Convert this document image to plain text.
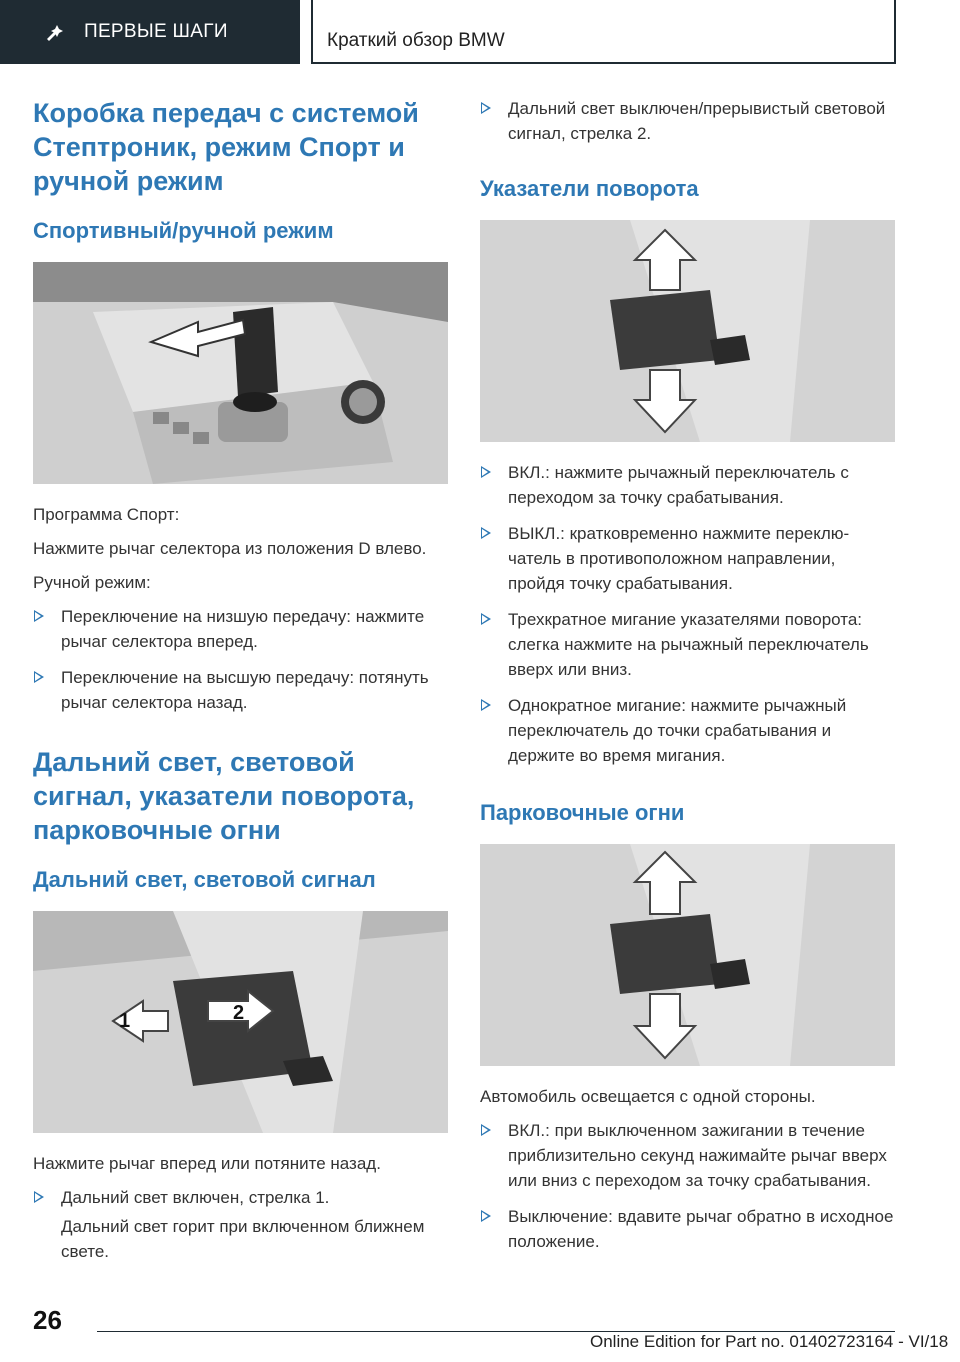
ПЕРВЫЕ ШАГИ	Краткий обзор BMW
Коробка передач с системой Стептроник, режим Спорт и ручной режим
Спортивный/ручной режим

Программа Спорт:

Нажмите рычаг селектора из положения D влево.

Ручной режим:

Переключение на низшую передачу: нажмите рычаг селектора вперед.
Переключение на высшую передачу: потянуть рычаг селектора назад.
Дальний свет, световой сигнал, указатели поворота, парковочные огни
Дальний свет, световой сигнал
1	2

Нажмите рычаг вперед или потяните назад.

Дальний свет включен, стрелка 1.
Дальний свет горит при включенном ближнем свете.
Дальний свет выключен/прерывистый световой сигнал, стрелка 2.
Указатели поворота
ВКЛ.: нажмите рычажный переключатель с переходом за точку срабатывания.
ВЫКЛ.: кратковременно нажмите переключатель в противоположном направлении, пройдя точку срабатывания.
Трехкратное мигание указателями поворота: слегка нажмите на рычажный переключатель вверх или вниз.
Однократное мигание: нажмите рычажный переключатель до точки срабатывания и держите во время мигания.
Парковочные огни

Автомобиль освещается с одной стороны.

ВКЛ.: при выключенном зажигании в течение приблизительно секунд нажимайте рычаг вверх или вниз с переходом за точку срабатывания.
Выключение: вдавите рычаг обратно в исходное положение.
26
Online Edition for Part no. 01402723164 - VI/18
